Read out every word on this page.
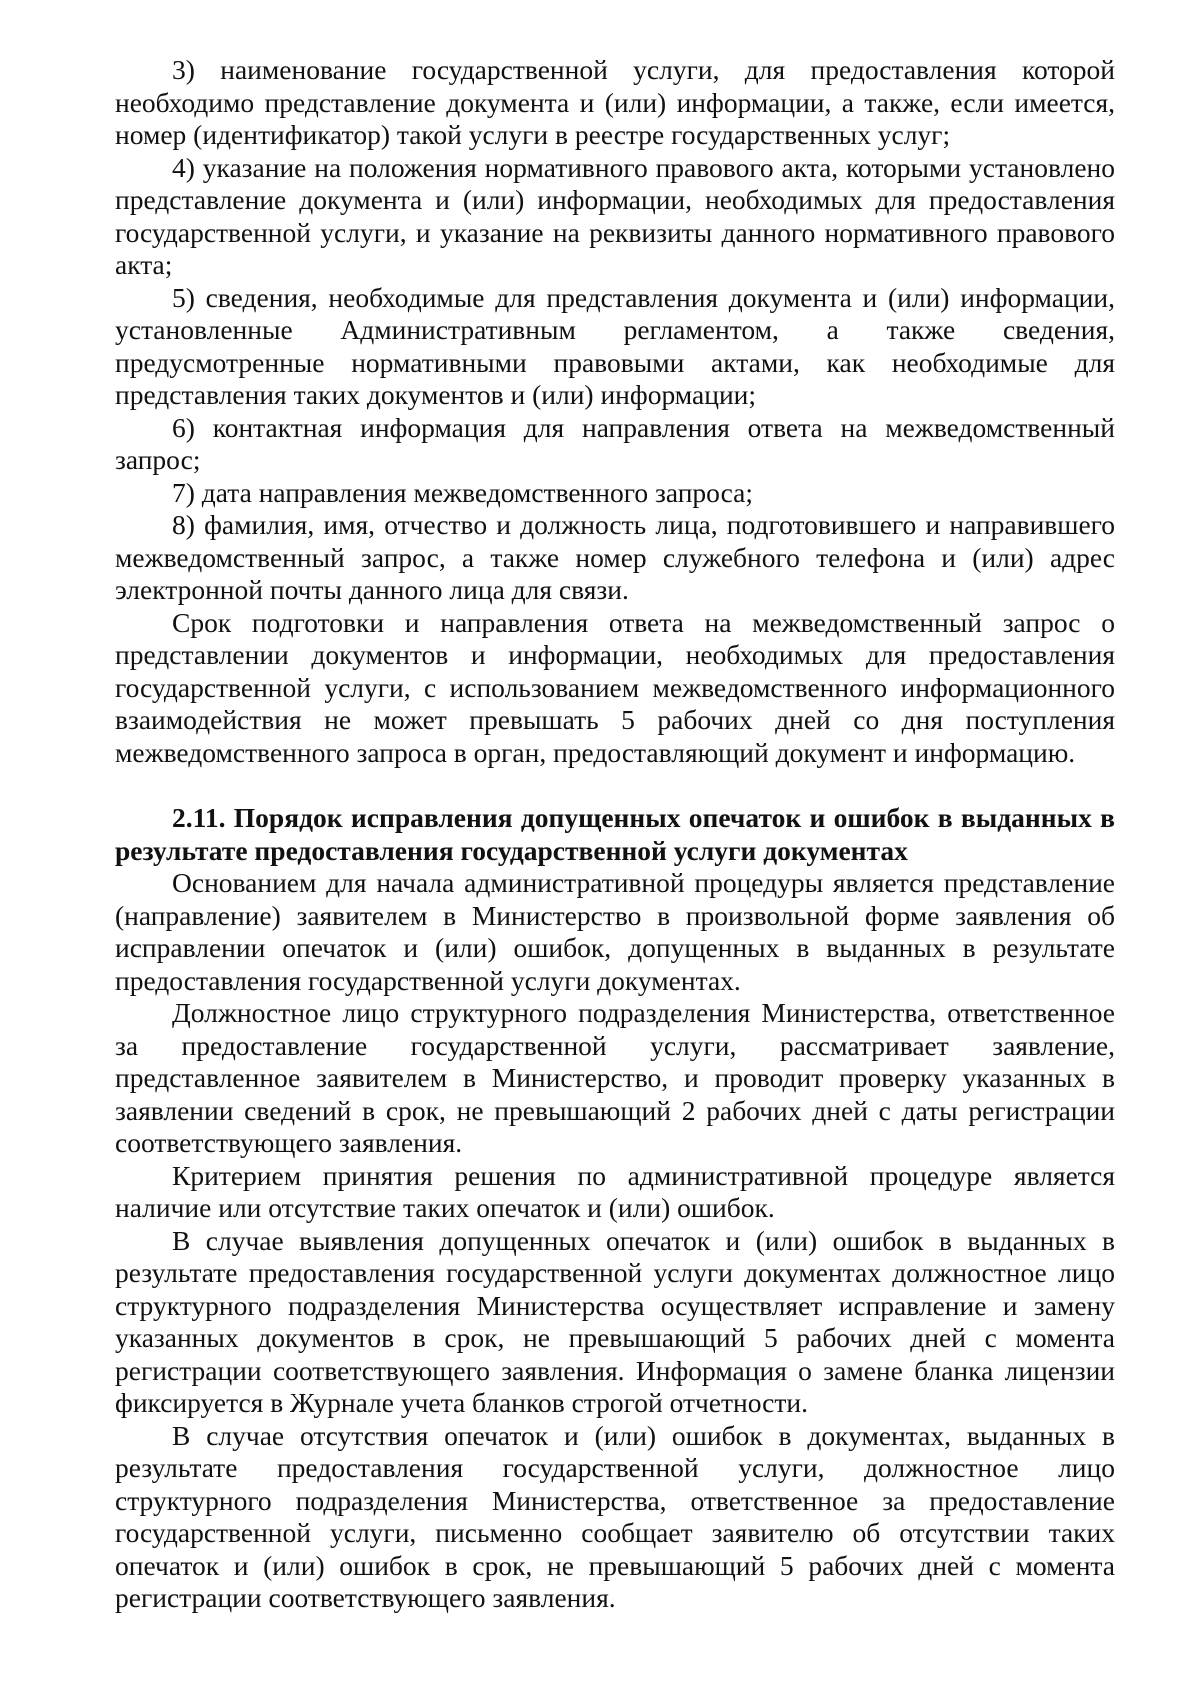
3) наименование государственной услуги, для предоставления которой необходимо представление документа и (или) информации, а также, если имеется, номер (идентификатор) такой услуги в реестре государственных услуг;

4) указание на положения нормативного правового акта, которыми установлено представление документа и (или) информации, необходимых для предоставления государственной услуги, и указание на реквизиты данного нормативного правового акта;

5) сведения, необходимые для представления документа и (или) информации, установленные Административным регламентом, а также сведения, предусмотренные нормативными правовыми актами, как необходимые для представления таких документов и (или) информации;

6) контактная информация для направления ответа на межведомственный запрос;

7) дата направления межведомственного запроса;

8) фамилия, имя, отчество и должность лица, подготовившего и направившего межведомственный запрос, а также номер служебного телефона и (или) адрес электронной почты данного лица для связи.

Срок подготовки и направления ответа на межведомственный запрос о представлении документов и информации, необходимых для предоставления государственной услуги, с использованием межведомственного информационного взаимодействия не может превышать 5 рабочих дней со дня поступления межведомственного запроса в орган, предоставляющий документ и информацию.

2.11. Порядок исправления допущенных опечаток и ошибок в выданных в результате предоставления государственной услуги документах

Основанием для начала административной процедуры является представление (направление) заявителем в Министерство в произвольной форме заявления об исправлении опечаток и (или) ошибок, допущенных в выданных в результате предоставления государственной услуги документах.

Должностное лицо структурного подразделения Министерства, ответственное за предоставление государственной услуги, рассматривает заявление, представленное заявителем в Министерство, и проводит проверку указанных в заявлении сведений в срок, не превышающий 2 рабочих дней с даты регистрации соответствующего заявления.

Критерием принятия решения по административной процедуре является наличие или отсутствие таких опечаток и (или) ошибок.

В случае выявления допущенных опечаток и (или) ошибок в выданных в результате предоставления государственной услуги документах должностное лицо структурного подразделения Министерства осуществляет исправление и замену указанных документов в срок, не превышающий 5 рабочих дней с момента регистрации соответствующего заявления. Информация о замене бланка лицензии фиксируется в Журнале учета бланков строгой отчетности.

В случае отсутствия опечаток и (или) ошибок в документах, выданных в результате предоставления государственной услуги, должностное лицо структурного подразделения Министерства, ответственное за предоставление государственной услуги, письменно сообщает заявителю об отсутствии таких опечаток и (или) ошибок в срок, не превышающий 5 рабочих дней с момента регистрации соответствующего заявления.
